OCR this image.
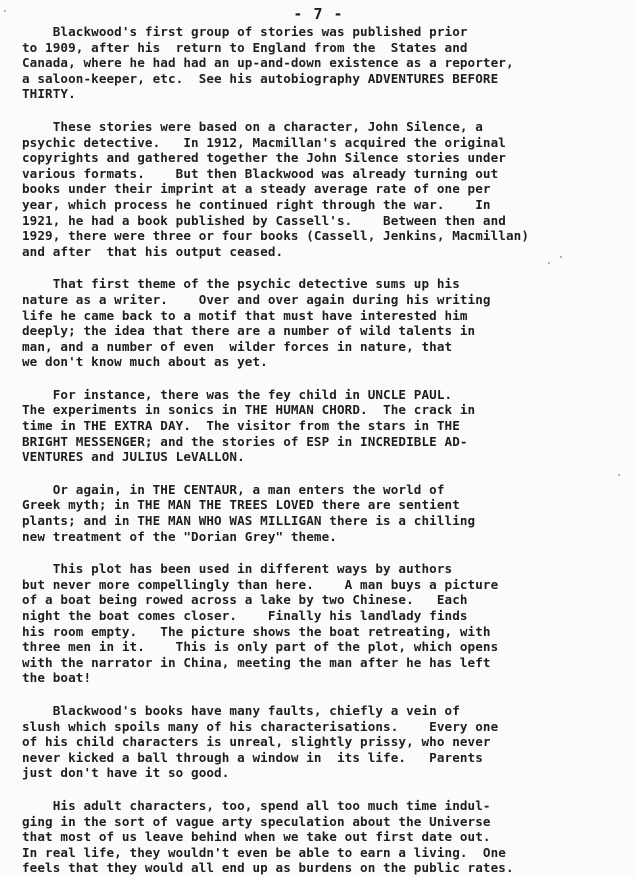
- 7 -
Blackwood's first group of stories was published prior
to 1909, after his  return to England from the  States and
Canada, where he had had an up-and-down existence as a reporter,
a saloon-keeper, etc.  See his autobiography ADVENTURES BEFORE
THIRTY.
These stories were based on a character, John Silence, a
psychic detective.   In 1912, Macmillan's acquired the original
copyrights and gathered together the John Silence stories under
various formats.    But then Blackwood was already turning out
books under their imprint at a steady average rate of one per
year, which process he continued right through the war.    In
1921, he had a book published by Cassell's.    Between then and
1929, there were three or four books (Cassell, Jenkins, Macmillan)
and after  that his output ceased.
That first theme of the psychic detective sums up his
nature as a writer.    Over and over again during his writing
life he came back to a motif that must have interested him
deeply; the idea that there are a number of wild talents in
man, and a number of even  wilder forces in nature, that
we don't know much about as yet.
For instance, there was the fey child in UNCLE PAUL.
The experiments in sonics in THE HUMAN CHORD.  The crack in
time in THE EXTRA DAY.  The visitor from the stars in THE
BRIGHT MESSENGER; and the stories of ESP in INCREDIBLE AD-
VENTURES and JULIUS LeVALLON.
Or again, in THE CENTAUR, a man enters the world of
Greek myth; in THE MAN THE TREES LOVED there are sentient
plants; and in THE MAN WHO WAS MILLIGAN there is a chilling
new treatment of the "Dorian Grey" theme.
This plot has been used in different ways by authors
but never more compellingly than here.    A man buys a picture
of a boat being rowed across a lake by two Chinese.   Each
night the boat comes closer.    Finally his landlady finds
his room empty.   The picture shows the boat retreating, with
three men in it.    This is only part of the plot, which opens
with the narrator in China, meeting the man after he has left
the boat!
Blackwood's books have many faults, chiefly a vein of
slush which spoils many of his characterisations.    Every one
of his child characters is unreal, slightly prissy, who never
never kicked a ball through a window in  its life.   Parents
just don't have it so good.
His adult characters, too, spend all too much time indul-
ging in the sort of vague arty speculation about the Universe
that most of us leave behind when we take out first date out.
In real life, they wouldn't even be able to earn a living.  One
feels that they would all end up as burdens on the public rates.
